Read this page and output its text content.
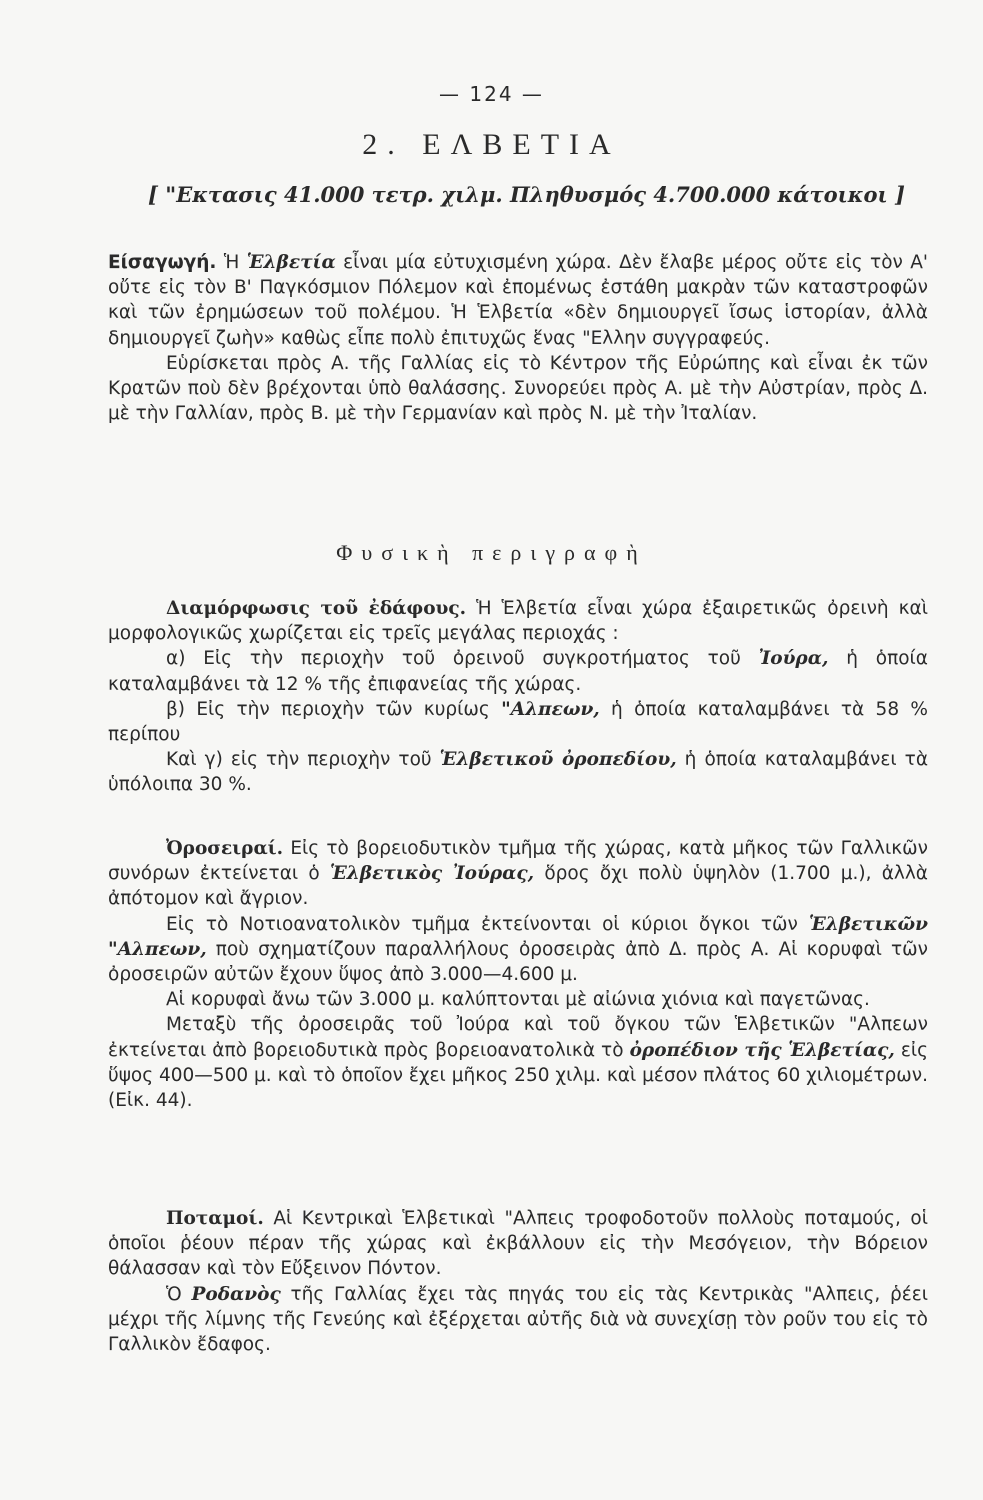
— 124 —
2. ΕΛΒΕΤΙΑ
[ "Εκτασις 41.000 τετρ. χιλμ. Πληθυσμός 4.700.000 κάτοικοι ]

Είσαγωγή. Ἡ Ἑλβετία εἶναι μία εὐτυχισμένη χώρα. Δὲν ἔλαβε μέρος οὔτε εἰς τὸν Α' οὔτε εἰς τὸν Β' Παγκόσμιον Πόλεμον καὶ ἐπομένως ἐστάθη μακρὰν τῶν καταστροφῶν καὶ τῶν ἐρημώσεων τοῦ πολέμου. Ἡ Ἑλβετία «δὲν δημιουργεῖ ἴσως ἱστορίαν, ἀλλὰ δημιουργεῖ ζωὴν» καθὼς εἶπε πολὺ ἐπιτυχῶς ἕνας "Ελλην συγγραφεύς.

Εὑρίσκεται πρὸς Α. τῆς Γαλλίας εἰς τὸ Κέντρον τῆς Εὐρώπης καὶ εἶναι ἐκ τῶν Κρατῶν ποὺ δὲν βρέχονται ὑπὸ θαλάσσης. Συνορεύει πρὸς Α. μὲ τὴν Αὐστρίαν, πρὸς Δ. μὲ τὴν Γαλλίαν, πρὸς Β. μὲ τὴν Γερμανίαν καὶ πρὸς Ν. μὲ τὴν Ἰταλίαν.

Φυσικὴ περιγραφὴ

Διαμόρφωσις τοῦ ἐδάφους. Ἡ Ἑλβετία εἶναι χώρα ἐξαιρετικῶς ὀρεινὴ καὶ μορφολογικῶς χωρίζεται εἰς τρεῖς μεγάλας περιοχάς :

α) Εἰς τὴν περιοχὴν τοῦ ὀρεινοῦ συγκροτήματος τοῦ Ἰούρα, ἡ ὁποία καταλαμβάνει τὰ 12 % τῆς ἐπιφανείας τῆς χώρας.

β) Εἰς τὴν περιοχὴν τῶν κυρίως "Αλπεων, ἡ ὁποία καταλαμβάνει τὰ 58 % περίπου

Καὶ γ) εἰς τὴν περιοχὴν τοῦ Ἑλβετικοῦ ὀροπεδίου, ἡ ὁποία καταλαμβάνει τὰ ὑπόλοιπα 30 %.

Ὀροσειραί. Εἰς τὸ βορειοδυτικὸν τμῆμα τῆς χώρας, κατὰ μῆκος τῶν Γαλλικῶν συνόρων ἐκτείνεται ὁ Ἑλβετικὸς Ἰούρας, ὅρος ὄχι πολὺ ὑψηλὸν (1.700 μ.), ἀλλὰ ἀπότομον καὶ ἄγριον.

Εἰς τὸ Νοτιοανατολικὸν τμῆμα ἐκτείνονται οἱ κύριοι ὄγκοι τῶν Ἑλβετικῶν "Αλπεων, ποὺ σχηματίζουν παραλλήλους ὀροσειρὰς ἀπὸ Δ. πρὸς Α. Αἱ κορυφαὶ τῶν ὀροσειρῶν αὐτῶν ἔχουν ὕψος ἀπὸ 3.000—4.600 μ.

Αἱ κορυφαὶ ἄνω τῶν 3.000 μ. καλύπτονται μὲ αἰώνια χιόνια καὶ παγετῶνας.

Μεταξὺ τῆς ὀροσειρᾶς τοῦ Ἰούρα καὶ τοῦ ὄγκου τῶν Ἑλβετικῶν "Αλπεων ἐκτείνεται ἀπὸ βορειοδυτικὰ πρὸς βορειοανατολικὰ τὸ ὀροπέδιον τῆς Ἑλβετίας, εἰς ὕψος 400—500 μ. καὶ τὸ ὁποῖον ἔχει μῆκος 250 χιλμ. καὶ μέσον πλάτος 60 χιλιομέτρων. (Εἰκ. 44).

Ποταμοί. Αἱ Κεντρικαὶ Ἑλβετικαὶ "Αλπεις τροφοδοτοῦν πολλοὺς ποταμούς, οἱ ὁποῖοι ῥέουν πέραν τῆς χώρας καὶ ἐκβάλλουν εἰς τὴν Μεσόγειον, τὴν Βόρειον θάλασσαν καὶ τὸν Εὔξεινον Πόντον.

Ὁ Ροδανὸς τῆς Γαλλίας ἔχει τὰς πηγάς του εἰς τὰς Κεντρικὰς "Αλπεις, ῥέει μέχρι τῆς λίμνης τῆς Γενεύης καὶ ἐξέρχεται αὐτῆς διὰ νὰ συνεχίσῃ τὸν ροῦν του εἰς τὸ Γαλλικὸν ἔδαφος.
